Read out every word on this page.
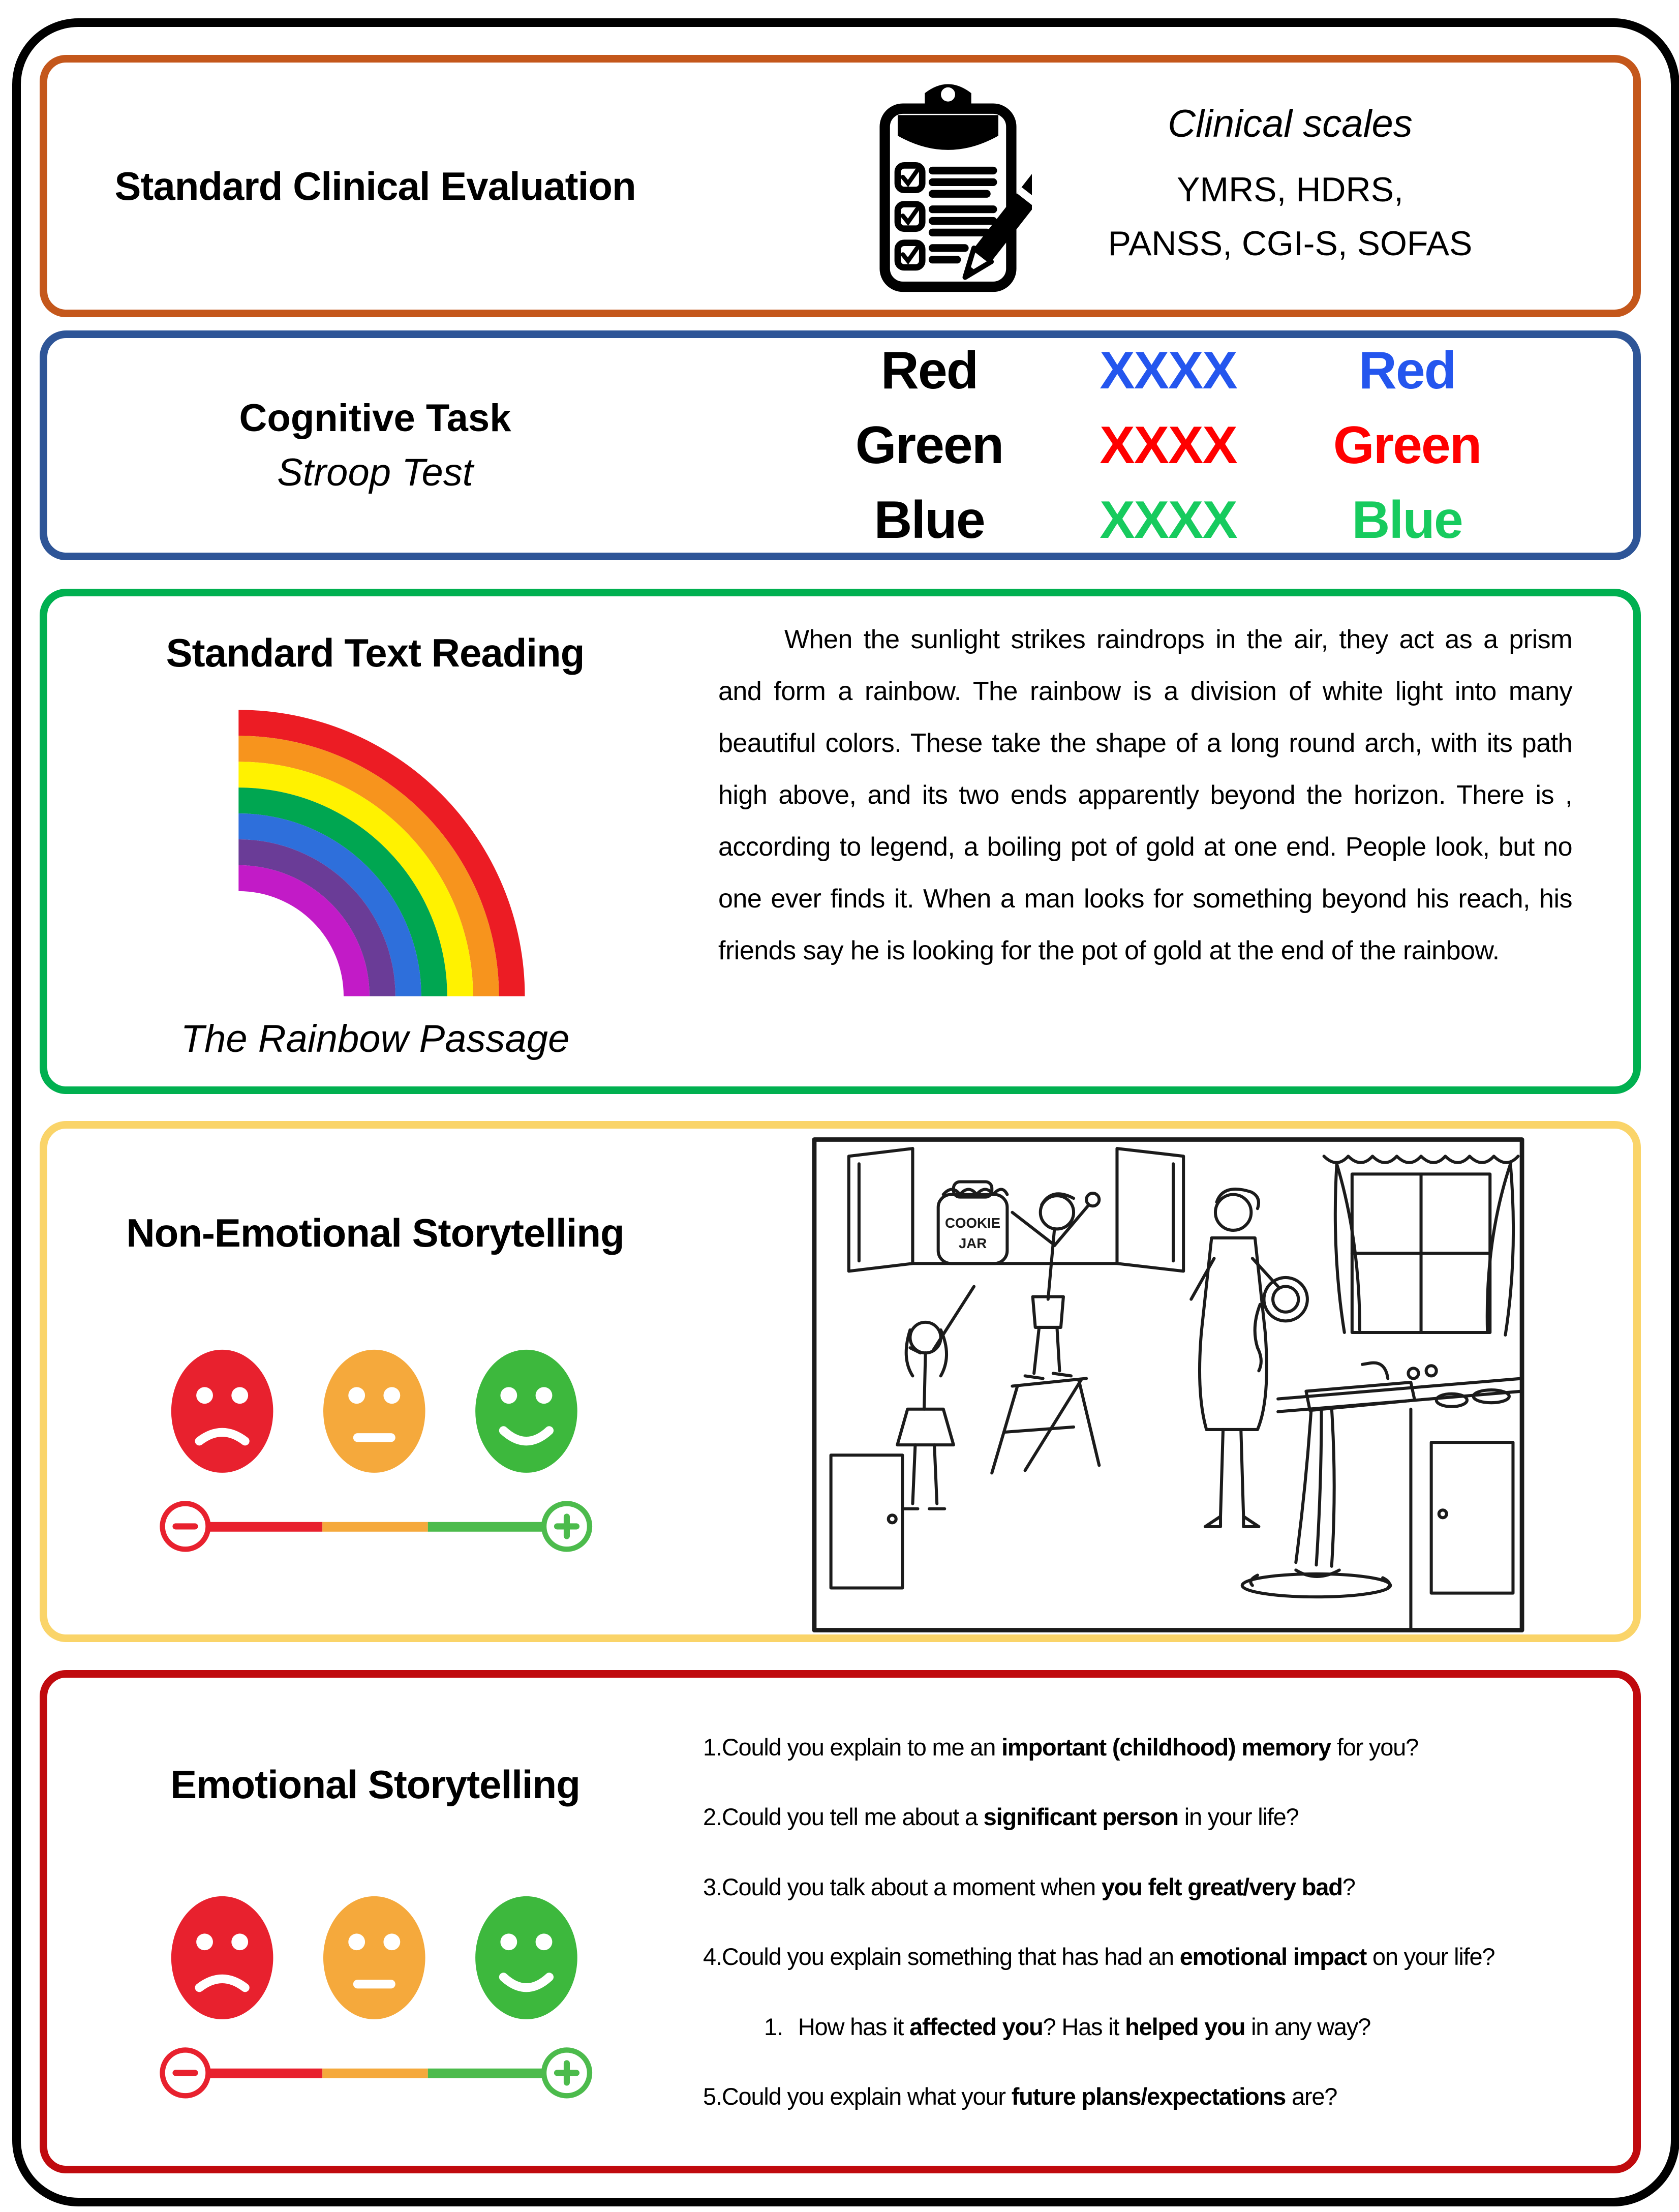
Standard Clinical Evaluation
Clinical scales
YMRS, HDRS,
PANSS, CGI-S, SOFAS
Cognitive Task
Stroop Test
Red	XXXX	Red
Green	XXXX	Green
Blue	XXXX	Blue
Standard Text Reading
The Rainbow Passage

When the sunlight strikes raindrops in the air, they act as a prism and form a rainbow. The rainbow is a division of white light into many beautiful colors. These take the shape of a long round arch, with its path high above, and its two ends apparently beyond the horizon. There is , according to legend, a boiling pot of gold at one end. People look, but no one ever finds it. When a man looks for something beyond his reach, his friends say he is looking for the pot of gold at the end of the rainbow.

Non-Emotional Storytelling	COOKIE
JAR
Emotional Storytelling
1.Could you explain to me an important (childhood) memory for you?
2.Could you tell me about a significant person in your life?
3.Could you talk about a moment when you felt great/very bad?
4.Could you explain something that has had an emotional impact on your life?
1. How has it affected you? Has it helped you in any way?
5.Could you explain what your future plans/expectations are?
